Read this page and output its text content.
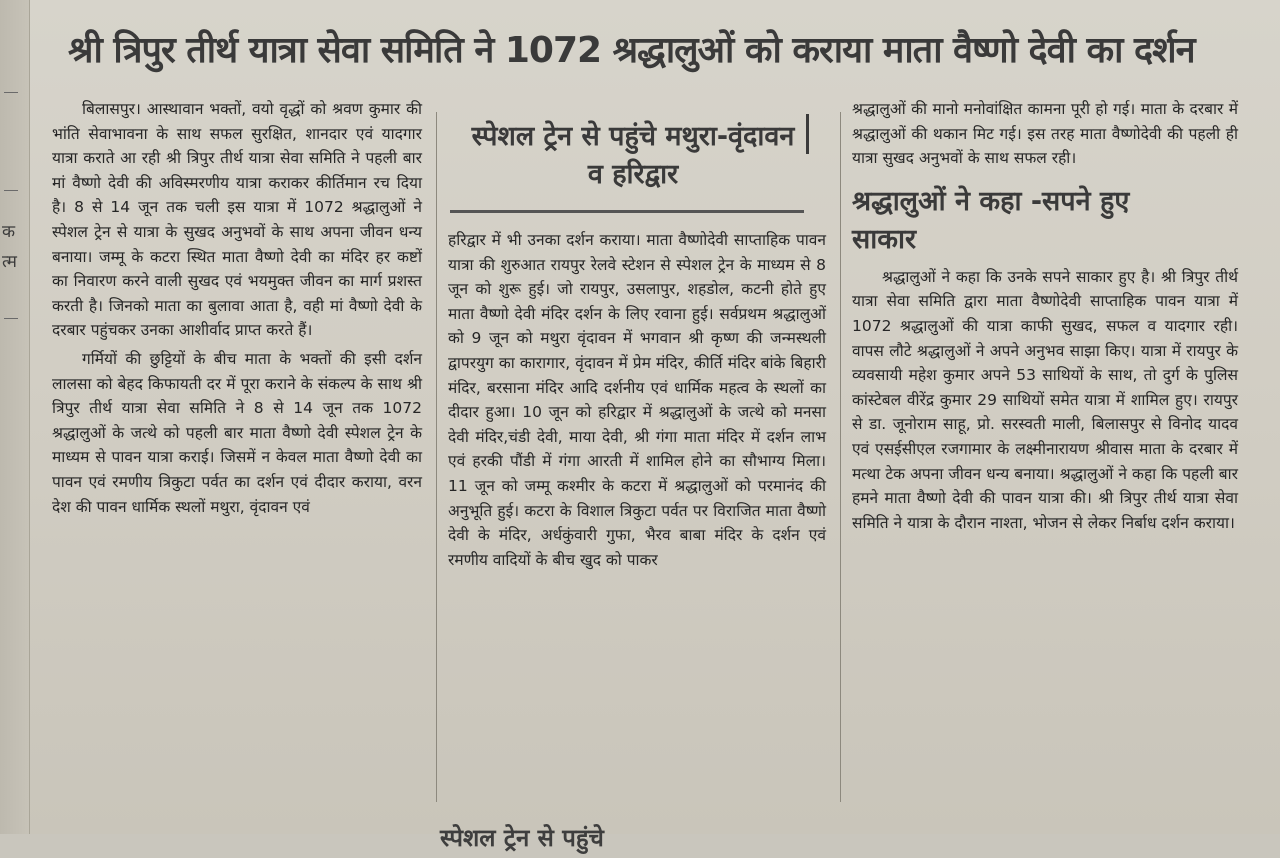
क
त्म
श्री त्रिपुर तीर्थ यात्रा सेवा समिति ने 1072 श्रद्धालुओं को कराया माता वैष्णो देवी का दर्शन

बिलासपुर। आस्थावान भक्तों, वयो वृद्धों को श्रवण कुमार की भांति सेवाभावना के साथ सफल सुरक्षित, शानदार एवं यादगार यात्रा कराते आ रही श्री त्रिपुर तीर्थ यात्रा सेवा समिति ने पहली बार मां वैष्णो देवी की अविस्मरणीय यात्रा कराकर कीर्तिमान रच दिया है। 8 से 14 जून तक चली इस यात्रा में 1072 श्रद्धालुओं ने स्पेशल ट्रेन से यात्रा के सुखद अनुभवों के साथ अपना जीवन धन्य बनाया। जम्मू के कटरा स्थित माता वैष्णो देवी का मंदिर हर कष्टों का निवारण करने वाली सुखद एवं भयमुक्त जीवन का मार्ग प्रशस्त करती है। जिनको माता का बुलावा आता है, वही मां वैष्णो देवी के दरबार पहुंचकर उनका आशीर्वाद प्राप्त करते हैं।

गर्मियों की छुट्टियों के बीच माता के भक्तों की इसी दर्शन लालसा को बेहद किफायती दर में पूरा कराने के संकल्प के साथ श्री त्रिपुर तीर्थ यात्रा सेवा समिति ने 8 से 14 जून तक 1072 श्रद्धालुओं के जत्थे को पहली बार माता वैष्णो देवी स्पेशल ट्रेन के माध्यम से पावन यात्रा कराई। जिसमें न केवल माता वैष्णो देवी का पावन एवं रमणीय त्रिकुटा पर्वत का दर्शन एवं दीदार कराया, वरन देश की पावन धार्मिक स्थलों मथुरा, वृंदावन एवं

स्पेशल ट्रेन से पहुंचे मथुरा-वृंदावन व हरिद्वार

हरिद्वार में भी उनका दर्शन कराया। माता वैष्णोदेवी साप्ताहिक पावन यात्रा की शुरुआत रायपुर रेलवे स्टेशन से स्पेशल ट्रेन के माध्यम से 8 जून को शुरू हुई। जो रायपुर, उसलापुर, शहडोल, कटनी होते हुए माता वैष्णो देवी मंदिर दर्शन के लिए रवाना हुई। सर्वप्रथम श्रद्धालुओं को 9 जून को मथुरा वृंदावन में भगवान श्री कृष्ण की जन्मस्थली द्वापरयुग का कारागार, वृंदावन में प्रेम मंदिर, कीर्ति मंदिर बांके बिहारी मंदिर, बरसाना मंदिर आदि दर्शनीय एवं धार्मिक महत्व के स्थलों का दीदार हुआ। 10 जून को हरिद्वार में श्रद्धालुओं के जत्थे को मनसा देवी मंदिर,चंडी देवी, माया देवी, श्री गंगा माता मंदिर में दर्शन लाभ एवं हरकी पौंडी में गंगा आरती में शामिल होने का सौभाग्य मिला। 11 जून को जम्मू कश्मीर के कटरा में श्रद्धालुओं को परमानंद की अनुभूति हुई। कटरा के विशाल त्रिकुटा पर्वत पर विराजित माता वैष्णो देवी के मंदिर, अर्धकुंवारी गुफा, भैरव बाबा मंदिर के दर्शन एवं रमणीय वादियों के बीच खुद को पाकर

श्रद्धालुओं की मानो मनोवांक्षित कामना पूरी हो गई। माता के दरबार में श्रद्धालुओं की थकान मिट गई। इस तरह माता वैष्णोदेवी की पहली ही यात्रा सुखद अनुभवों के साथ सफल रही।

श्रद्धालुओं ने कहा -सपने हुए साकार

श्रद्धालुओं ने कहा कि उनके सपने साकार हुए है। श्री त्रिपुर तीर्थ यात्रा सेवा समिति द्वारा माता वैष्णोदेवी साप्ताहिक पावन यात्रा में 1072 श्रद्धालुओं की यात्रा काफी सुखद, सफल व यादगार रही। वापस लौटे श्रद्धालुओं ने अपने अनुभव साझा किए। यात्रा में रायपुर के व्यवसायी महेश कुमार अपने 53 साथियों के साथ, तो दुर्ग के पुलिस कांस्टेबल वीरेंद्र कुमार 29 साथियों समेत यात्रा में शामिल हुए। रायपुर से डा. जूनोराम साहू, प्रो. सरस्वती माली, बिलासपुर से विनोद यादव एवं एसईसीएल रजगामार के लक्ष्मीनारायण श्रीवास माता के दरबार में मत्था टेक अपना जीवन धन्य बनाया। श्रद्धालुओं ने कहा कि पहली बार हमने माता वैष्णो देवी की पावन यात्रा की। श्री त्रिपुर तीर्थ यात्रा सेवा समिति ने यात्रा के दौरान नाश्ता, भोजन से लेकर निर्बाध दर्शन कराया।

स्पेशल ट्रेन से पहुंचे
